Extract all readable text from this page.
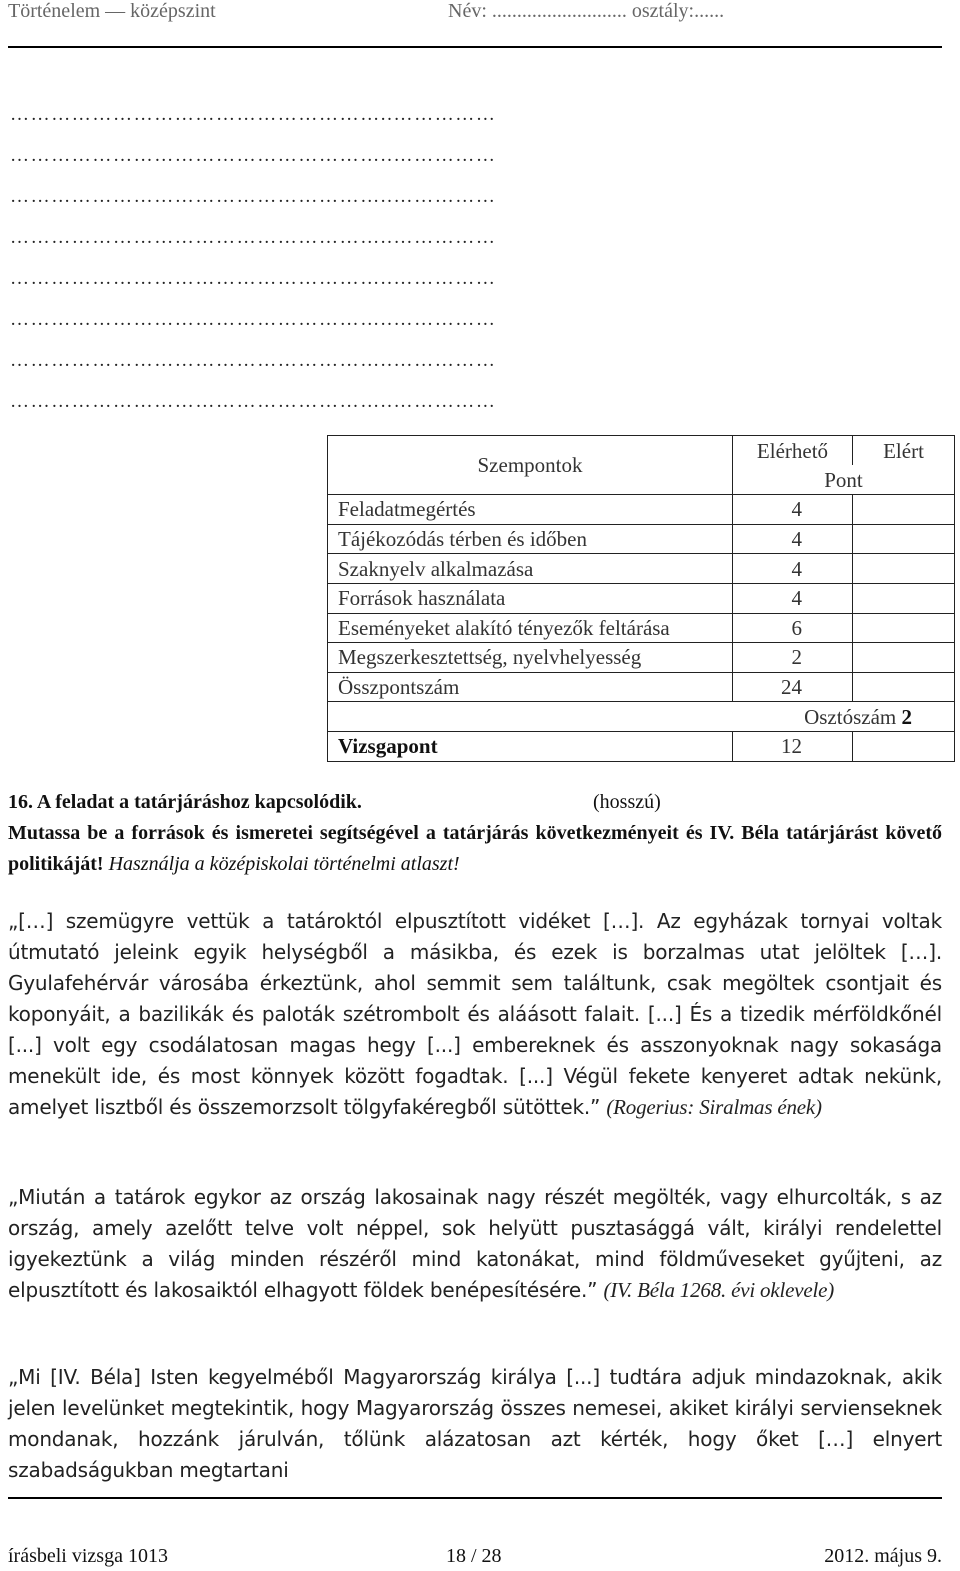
Történelem — középszint	Név: ........................... osztály:......
………………………………………………..……………
………………………………………………..……………
………………………………………………..……………
………………………………………………..……………
………………………………………………..……………
………………………………………………..……………
………………………………………………..……………
………………………………………………..……………
Szempontok	Elérhető	Elért
	Pont	
Feladatmegértés	4	
Tájékozódás térben és időben	4	
Szaknyelv alkalmazása	4	
Források használata	4	
Eseményeket alakító tényezők feltárása	6	
Megszerkesztettség, nyelvhelyesség	2	
Összpontszám	24	
	Osztószám 2	
Vizsgapont	12	
16. A feladat a tatárjáráshoz kapcsolódik.	(hosszú)
Mutassa be a források és ismeretei segítségével a tatárjárás következményeit és IV. Béla tatárjárást követő politikáját! Használja a középiskolai történelmi atlaszt!
„[…] szemügyre vettük a tatároktól elpusztított vidéket […]. Az egyházak tornyai voltak útmutató jeleink egyik helységből a másikba, és ezek is borzalmas utat jelöltek […]. Gyulafehérvár városába érkeztünk, ahol semmit sem találtunk, csak megöltek csontjait és koponyáit, a bazilikák és paloták szétrombolt és aláásott falait. [...] És a tizedik mérföldkőnél [...] volt egy csodálatosan magas hegy [...] embereknek és asszonyoknak nagy sokasága menekült ide, és most könnyek között fogadtak. [...] Végül fekete kenyeret adtak nekünk, amelyet lisztből és összemorzsolt tölgyfakéregből sütöttek.” (Rogerius: Siralmas ének)
„Miután a tatárok egykor az ország lakosainak nagy részét megölték, vagy elhurcolták, s az ország, amely azelőtt telve volt néppel, sok helyütt pusztasággá vált, királyi rendelettel igyekeztünk a világ minden részéről mind katonákat, mind földműveseket gyűjteni, az elpusztított és lakosaiktól elhagyott földek benépesítésére.” (IV. Béla 1268. évi oklevele)
„Mi [IV. Béla] Isten kegyelméből Magyarország királya [...] tudtára adjuk mindazoknak, akik jelen levelünket megtekintik, hogy Magyarország összes nemesei, akiket királyi servienseknek mondanak, hozzánk járulván, tőlünk alázatosan azt kérték, hogy őket […] elnyert szabadságukban megtartani
írásbeli vizsga 1013	18 / 28	2012. május 9.
